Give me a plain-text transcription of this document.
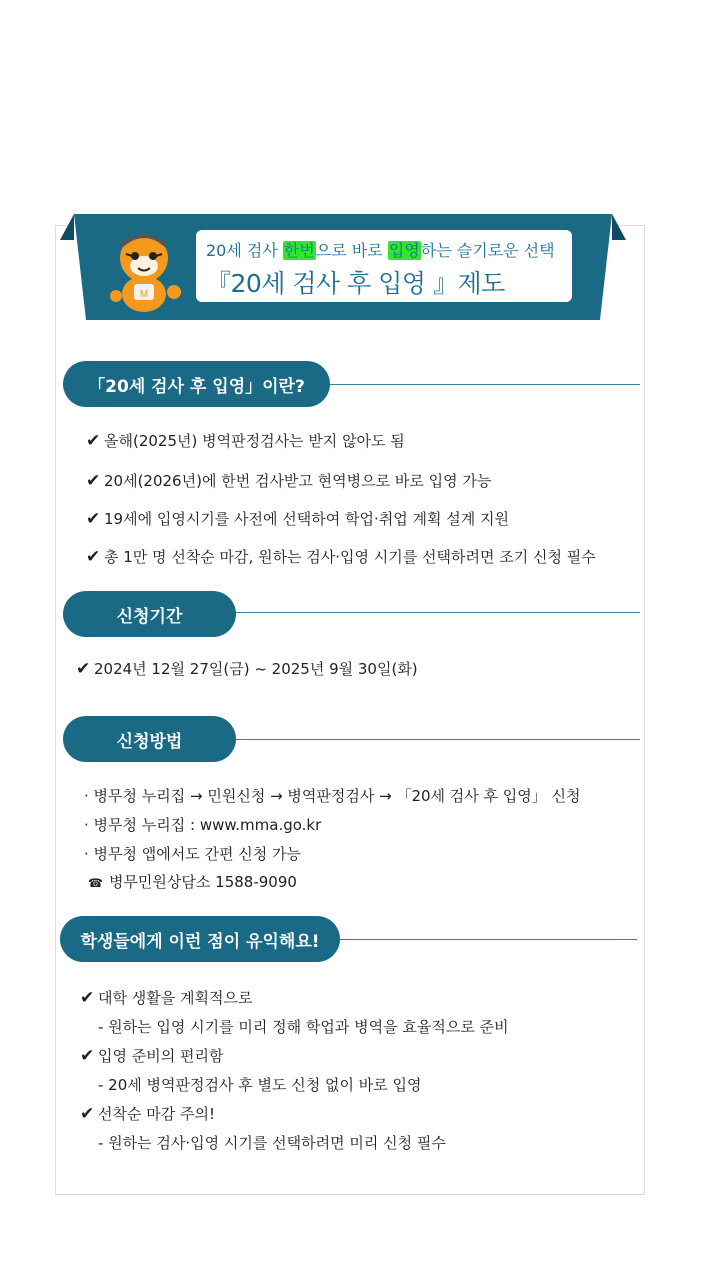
M
20세 검사 한번으로 바로 입영하는 슬기로운 선택
『20세 검사 후 입영 』제도
「20세 검사 후 입영」이란?
✔ 올해(2025년) 병역판정검사는 받지 않아도 됨
✔ 20세(2026년)에 한번 검사받고 현역병으로 바로 입영 가능
✔ 19세에 입영시기를 사전에 선택하여 학업·취업 계획 설계 지원
✔ 총 1만 명 선착순 마감, 원하는 검사·입영 시기를 선택하려면 조기 신청 필수
신청기간
✔ 2024년 12월 27일(금) ~ 2025년 9월 30일(화)
신청방법
· 병무청 누리집 → 민원신청 → 병역판정검사 → 「20세 검사 후 입영」 신청
· 병무청 누리집 : www.mma.go.kr
· 병무청 앱에서도 간편 신청 가능
☎ 병무민원상담소 1588-9090
학생들에게 이런 점이 유익해요!
✔ 대학 생활을 계획적으로
- 원하는 입영 시기를 미리 정해 학업과 병역을 효율적으로 준비
✔ 입영 준비의 편리함
- 20세 병역판정검사 후 별도 신청 없이 바로 입영
✔ 선착순 마감 주의!
- 원하는 검사·입영 시기를 선택하려면 미리 신청 필수
